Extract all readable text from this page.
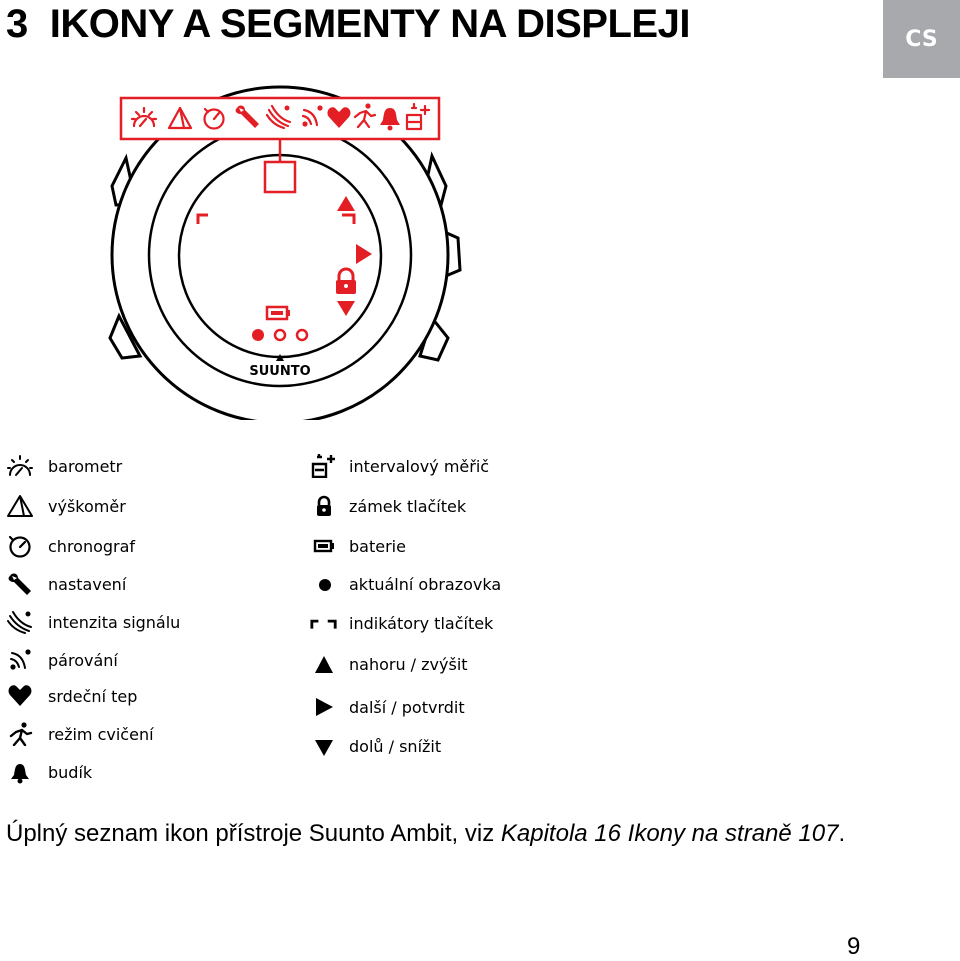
3 IKONY A SEGMENTY NA DISPLEJI	CS
SUUNTO
barometr
výškoměr
chronograf
nastavení
intenzita signálu
párování
srdeční tep
režim cvičení
budík
intervalový měřič
zámek tlačítek
baterie
aktuální obrazovka
indikátory tlačítek
nahoru / zvýšit
další / potvrdit
dolů / snížit
Úplný seznam ikon přístroje Suunto Ambit, viz Kapitola 16 Ikony na straně 107.
9
